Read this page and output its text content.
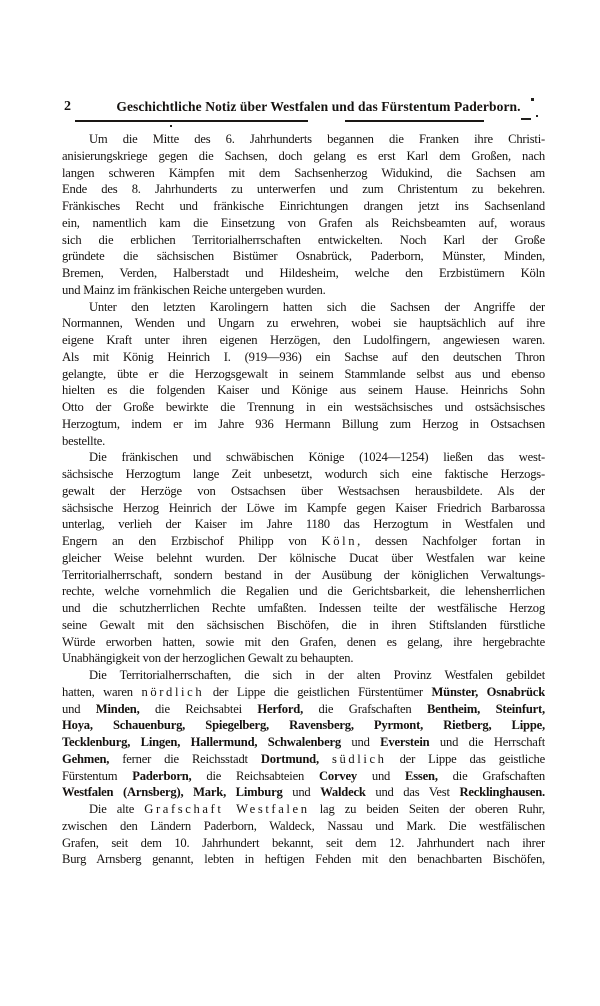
2	Geschichtliche Notiz über Westfalen und das Fürstentum Paderborn.
Um die Mitte des 6. Jahrhunderts begannen die Franken ihre Christi-
anisierungskriege gegen die Sachsen, doch gelang es erst Karl dem Großen, nach
langen schweren Kämpfen mit dem Sachsenherzog Widukind, die Sachsen am
Ende des 8. Jahrhunderts zu unterwerfen und zum Christentum zu bekehren.
Fränkisches Recht und fränkische Einrichtungen drangen jetzt ins Sachsenland
ein, namentlich kam die Einsetzung von Grafen als Reichsbeamten auf, woraus
sich die erblichen Territorialherrschaften entwickelten. Noch Karl der Große
gründete die sächsischen Bistümer Osnabrück, Paderborn, Münster, Minden,
Bremen, Verden, Halberstadt und Hildesheim, welche den Erzbistümern Köln
und Mainz im fränkischen Reiche untergeben wurden.
Unter den letzten Karolingern hatten sich die Sachsen der Angriffe der
Normannen, Wenden und Ungarn zu erwehren, wobei sie hauptsächlich auf ihre
eigene Kraft unter ihren eigenen Herzögen, den Ludolfingern, angewiesen waren.
Als mit König Heinrich I. (919—936) ein Sachse auf den deutschen Thron
gelangte, übte er die Herzogsgewalt in seinem Stammlande selbst aus und ebenso
hielten es die folgenden Kaiser und Könige aus seinem Hause. Heinrichs Sohn
Otto der Große bewirkte die Trennung in ein westsächsisches und ostsächsisches
Herzogtum, indem er im Jahre 936 Hermann Billung zum Herzog in Ostsachsen
bestellte.
Die fränkischen und schwäbischen Könige (1024—1254) ließen das west-
sächsische Herzogtum lange Zeit unbesetzt, wodurch sich eine faktische Herzogs-
gewalt der Herzöge von Ostsachsen über Westsachsen herausbildete. Als der
sächsische Herzog Heinrich der Löwe im Kampfe gegen Kaiser Friedrich Barbarossa
unterlag, verlieh der Kaiser im Jahre 1180 das Herzogtum in Westfalen und
Engern an den Erzbischof Philipp von Köln, dessen Nachfolger fortan in
gleicher Weise belehnt wurden. Der kölnische Ducat über Westfalen war keine
Territorialherrschaft, sondern bestand in der Ausübung der königlichen Verwaltungs-
rechte, welche vornehmlich die Regalien und die Gerichtsbarkeit, die lehensherrlichen
und die schutzherrlichen Rechte umfaßten. Indessen teilte der westfälische Herzog
seine Gewalt mit den sächsischen Bischöfen, die in ihren Stiftslanden fürstliche
Würde erworben hatten, sowie mit den Grafen, denen es gelang, ihre hergebrachte
Unabhängigkeit von der herzoglichen Gewalt zu behaupten.
Die Territorialherrschaften, die sich in der alten Provinz Westfalen gebildet
hatten, waren nördlich der Lippe die geistlichen Fürstentümer Münster, Osnabrück
und Minden, die Reichsabtei Herford, die Grafschaften Bentheim, Steinfurt,
Hoya, Schauenburg, Spiegelberg, Ravensberg, Pyrmont, Rietberg, Lippe,
Tecklenburg, Lingen, Hallermund, Schwalenberg und Everstein und die Herrschaft
Gehmen, ferner die Reichsstadt Dortmund, südlich der Lippe das geistliche
Fürstentum Paderborn, die Reichsabteien Corvey und Essen, die Grafschaften
Westfalen (Arnsberg), Mark, Limburg und Waldeck und das Vest Recklinghausen.
Die alte Grafschaft Westfalen lag zu beiden Seiten der oberen Ruhr,
zwischen den Ländern Paderborn, Waldeck, Nassau und Mark. Die westfälischen
Grafen, seit dem 10. Jahrhundert bekannt, seit dem 12. Jahrhundert nach ihrer
Burg Arnsberg genannt, lebten in heftigen Fehden mit den benachbarten Bischöfen,
